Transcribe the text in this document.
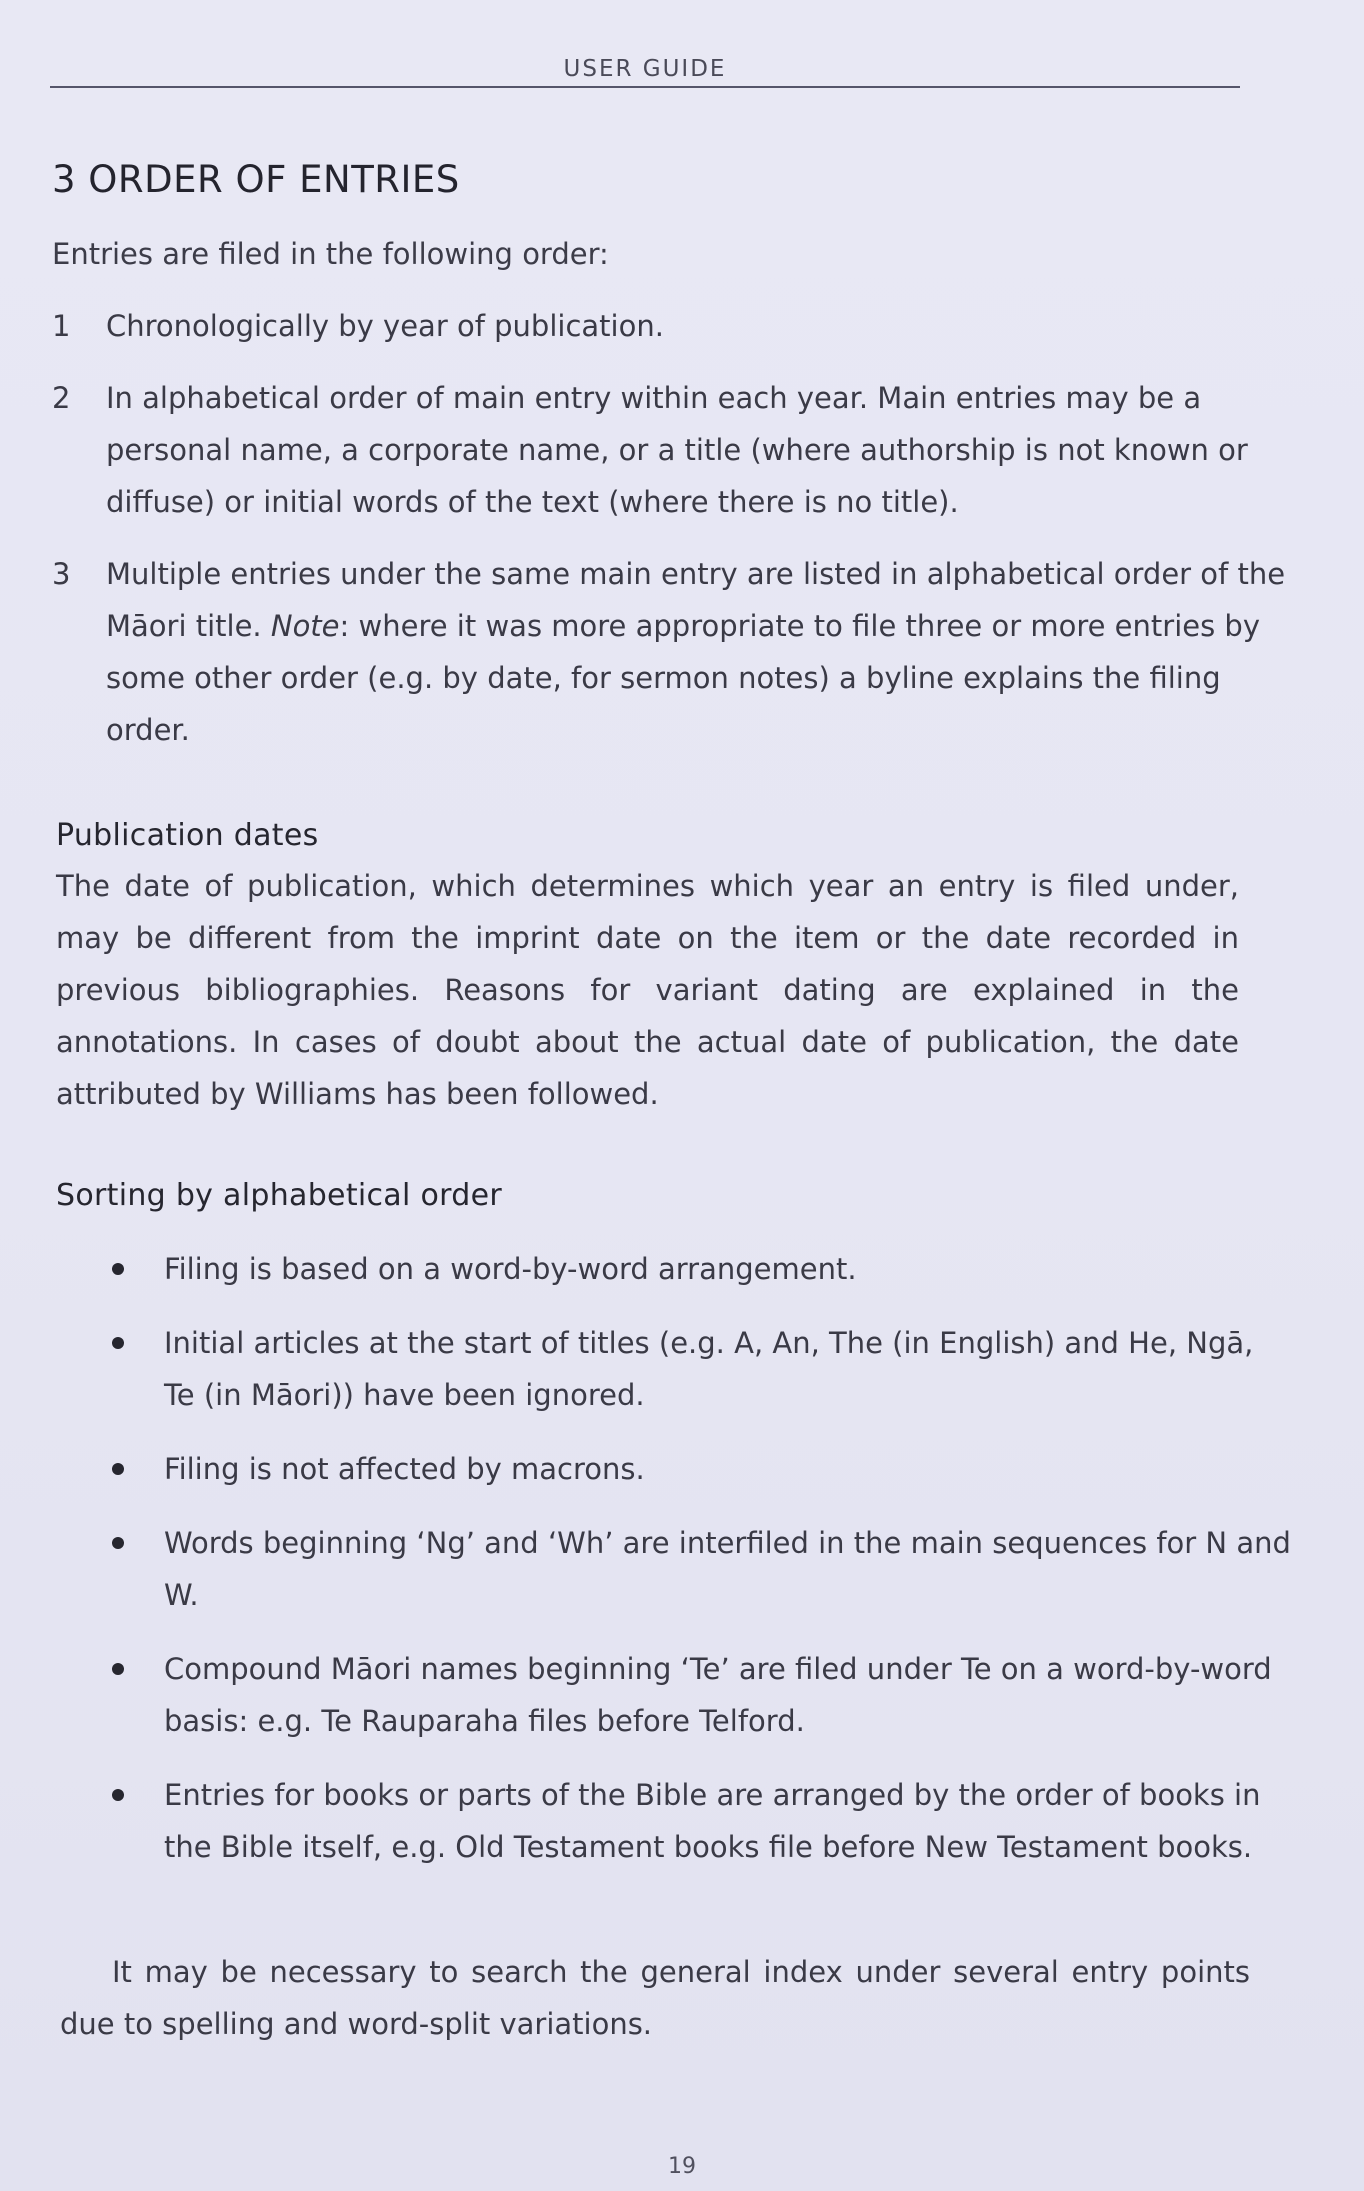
USER GUIDE
3 ORDER OF ENTRIES
Entries are filed in the following order:
1	Chronologically by year of publication.
2	In alphabetical order of main entry within each year. Main entries may be a personal name, a corporate name, or a title (where authorship is not known or diffuse) or initial words of the text (where there is no title).
3	Multiple entries under the same main entry are listed in alphabetical order of the Māori title. Note: where it was more appropriate to file three or more entries by some other order (e.g. by date, for sermon notes) a byline explains the filing order.
Publication dates
The date of publication, which determines which year an entry is filed under, may be different from the imprint date on the item or the date recorded in previous bibliographies. Reasons for variant dating are explained in the annotations. In cases of doubt about the actual date of publication, the date attributed by Williams has been followed.
Sorting by alphabetical order
Filing is based on a word-by-word arrangement.
Initial articles at the start of titles (e.g. A, An, The (in English) and He, Ngā, Te (in Māori)) have been ignored.
Filing is not affected by macrons.
Words beginning ‘Ng’ and ‘Wh’ are interfiled in the main sequences for N and W.
Compound Māori names beginning ‘Te’ are filed under Te on a word-by-word basis: e.g. Te Rauparaha files before Telford.
Entries for books or parts of the Bible are arranged by the order of books in the Bible itself, e.g. Old Testament books file before New Testament books.
It may be necessary to search the general index under several entry points due to spelling and word-split variations.
19
